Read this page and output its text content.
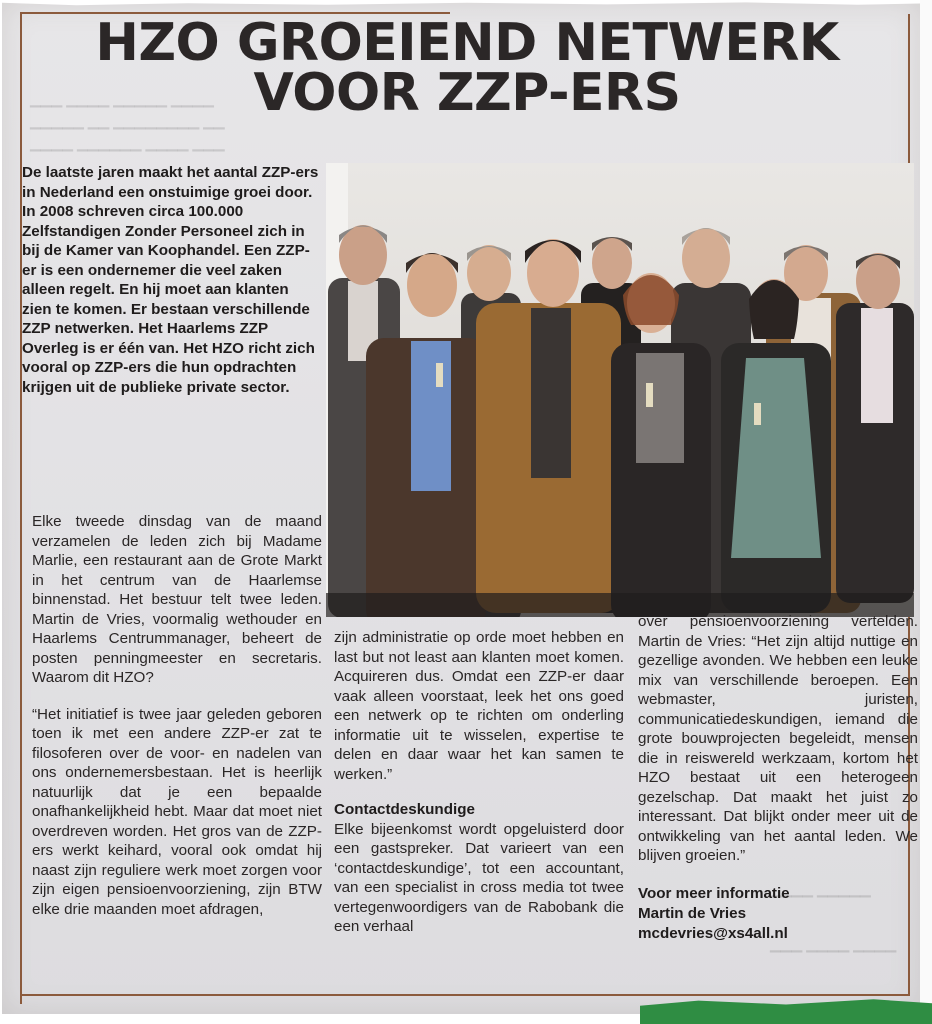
▁▁▁ ▁▁▁▁ ▁▁▁▁▁ ▁▁▁▁
▁▁▁▁▁ ▁▁ ▁▁▁▁▁▁▁▁ ▁▁
▁▁▁▁ ▁▁▁▁▁▁ ▁▁▁▁ ▁▁▁
▁▁▁▁ ▁▁▁▁▁
▁▁▁ ▁▁▁▁ ▁▁▁▁
HZO GROEIEND NETWERK
VOOR ZZP-ERS
De laatste jaren maakt het aantal ZZP-ers in Nederland een onstuimige groei door. In 2008 schreven circa 100.000 Zelfstandigen Zonder Personeel zich in bij de Kamer van Koophandel. Een ZZP-er is een ondernemer die veel zaken alleen regelt. En hij moet aan klanten zien te komen. Er bestaan verschillende ZZP netwerken. Het Haarlems ZZP Overleg is er één van. Het HZO richt zich vooral op ZZP-ers die hun opdrachten krijgen uit de publieke private sector.

Elke tweede dinsdag van de maand verzamelen de leden zich bij Madame Marlie, een restaurant aan de Grote Markt in het centrum van de Haarlemse binnenstad. Het bestuur telt twee leden. Martin de Vries, voormalig wethouder en Haarlems Centrummanager, beheert de posten penningmeester en secretaris. Waarom dit HZO?

“Het initiatief is twee jaar geleden geboren toen ik met een andere ZZP-er zat te filosoferen over de voor- en nadelen van ons ondernemersbestaan. Het is heerlijk natuurlijk dat je een bepaalde onafhankelijkheid hebt. Maar dat moet niet overdreven worden. Het gros van de ZZP-ers werkt keihard, vooral ook omdat hij naast zijn reguliere werk moet zorgen voor zijn eigen pensioenvoorziening, zijn BTW elke drie maanden moet afdragen,

zijn administratie op orde moet hebben en last but not least aan klanten moet komen. Acquireren dus. Omdat een ZZP-er daar vaak alleen voorstaat, leek het ons goed een netwerk op te richten om onderling informatie uit te wisselen, expertise te delen en daar waar het kan samen te werken.”

Contactdeskundige

Elke bijeenkomst wordt opgeluisterd door een gastspreker. Dat varieert van een ‘contactdeskundige’, tot een accountant, van een specialist in cross media tot twee vertegenwoordigers van de Rabobank die een verhaal

over pensioenvoorziening vertelden. Martin de Vries: “Het zijn altijd nuttige en gezellige avonden. We hebben een leuke mix van verschillende beroepen. Een webmaster, juristen, communicatiedeskundigen, iemand die grote bouwprojecten begeleidt, mensen die in reiswereld werkzaam, kortom het HZO bestaat uit een heterogeen gezelschap. Dat maakt het juist zo interessant. Dat blijkt onder meer uit de ontwikkeling van het aantal leden. We blijven groeien.”

Voor meer informatie
Martin de Vries
mcdevries@xs4all.nl
